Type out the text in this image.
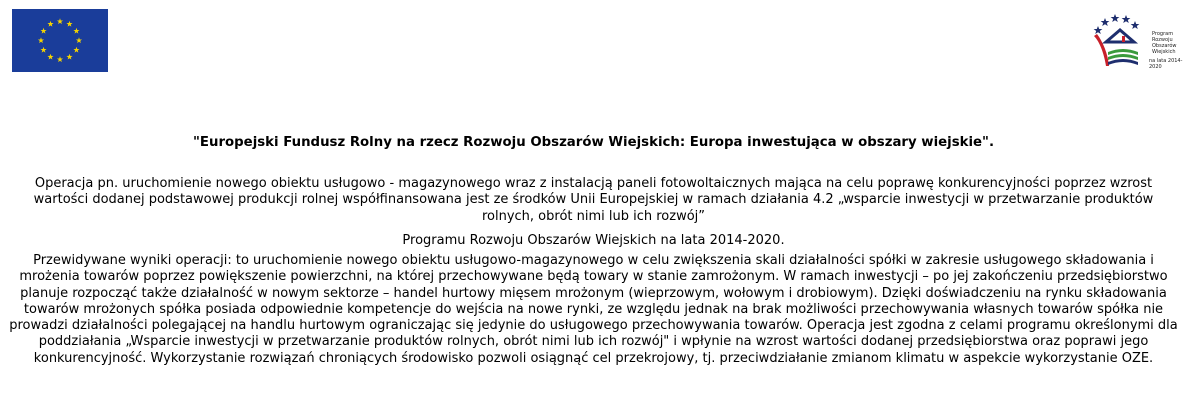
Program
Rozwoju
Obszarów
Wiejskich
na lata 2014-2020
"Europejski Fundusz Rolny na rzecz Rozwoju Obszarów Wiejskich: Europa inwestująca w obszary wiejskie".
Operacja pn. uruchomienie nowego obiektu usługowo - magazynowego wraz z instalacją paneli fotowoltaicznych mająca na celu poprawę konkurencyjności poprzez wzrost wartości dodanej podstawowej produkcji rolnej współfinansowana jest ze środków Unii Europejskiej w ramach działania 4.2 „wsparcie inwestycji w przetwarzanie produktów rolnych, obrót nimi lub ich rozwój”
Programu Rozwoju Obszarów Wiejskich na lata 2014-2020.
Przewidywane wyniki operacji: to uruchomienie nowego obiektu usługowo-magazynowego w celu zwiększenia skali działalności spółki w zakresie usługowego składowania i mrożenia towarów poprzez powiększenie powierzchni, na której przechowywane będą towary w stanie zamrożonym. W ramach inwestycji – po jej zakończeniu przedsiębiorstwo planuje rozpocząć także działalność w nowym sektorze – handel hurtowy mięsem mrożonym (wieprzowym, wołowym i drobiowym). Dzięki doświadczeniu na rynku składowania towarów mrożonych spółka posiada odpowiednie kompetencje do wejścia na nowe rynki, ze względu jednak na brak możliwości przechowywania własnych towarów spółka nie prowadzi działalności polegającej na handlu hurtowym ograniczając się jedynie do usługowego przechowywania towarów. Operacja jest zgodna z celami programu określonymi dla poddziałania „Wsparcie inwestycji w przetwarzanie produktów rolnych, obrót nimi lub ich rozwój" i wpłynie na wzrost wartości dodanej przedsiębiorstwa oraz poprawi jego konkurencyjność. Wykorzystanie rozwiązań chroniących środowisko pozwoli osiągnąć cel przekrojowy, tj. przeciwdziałanie zmianom klimatu w aspekcie wykorzystanie OZE.
